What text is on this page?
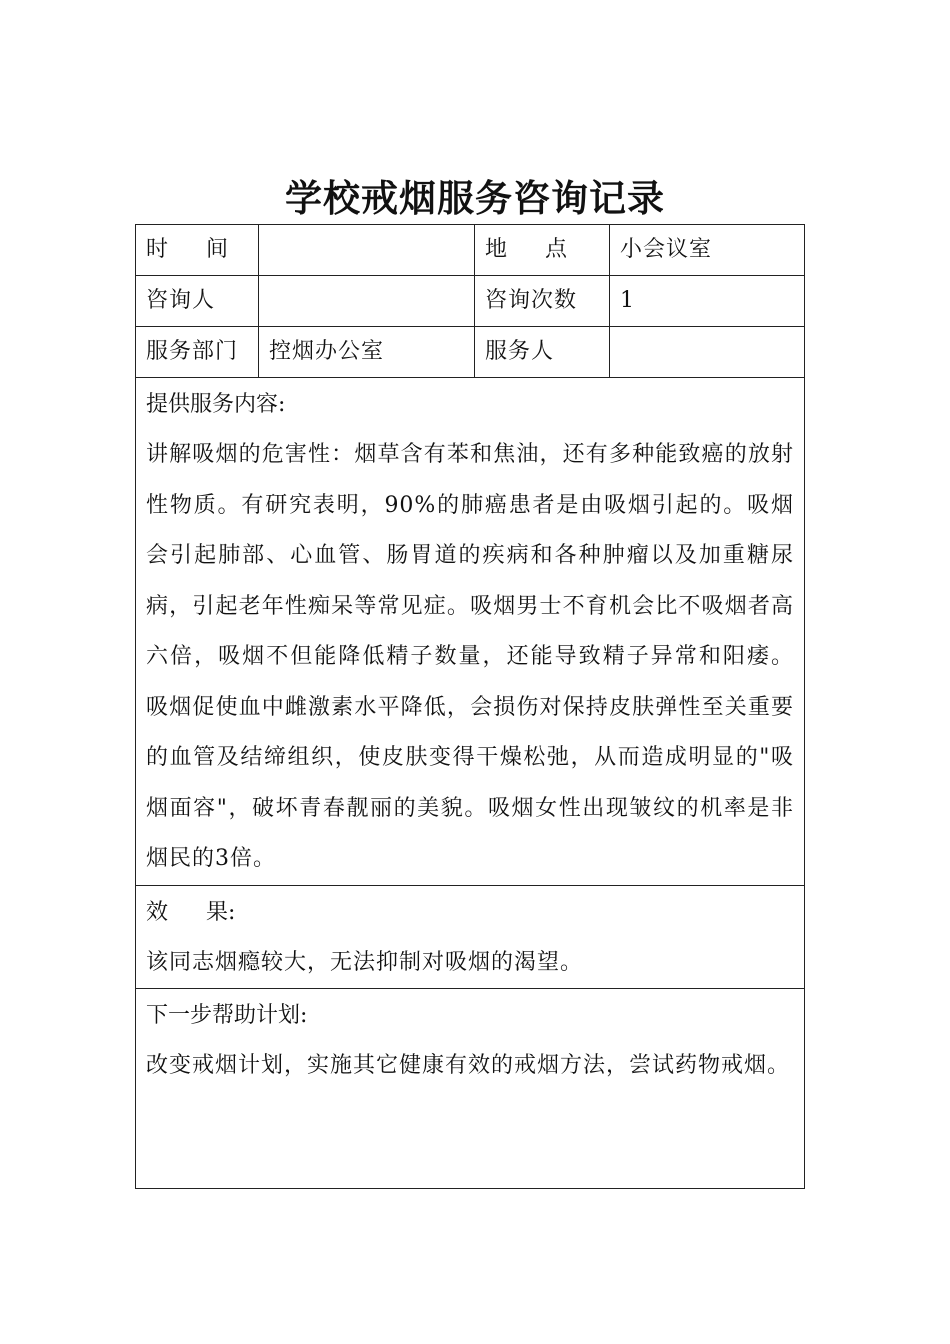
学校戒烟服务咨询记录
时 间		地 点	小会议室
咨询人		咨询次数	1
服务部门	控烟办公室	服务人	

提供服务内容:
讲解吸烟的危害性：烟草含有苯和焦油，还有多种能致癌的放射性物质。有研究表明，90%的肺癌患者是由吸烟引起的。吸烟会引起肺部、心血管、肠胃道的疾病和各种肿瘤以及加重糖尿病，引起老年性痴呆等常见症。吸烟男士不育机会比不吸烟者高六倍，吸烟不但能降低精子数量，还能导致精子异常和阳痿。 吸烟促使血中雌激素水平降低，会损伤对保持皮肤弹性至关重要的血管及结缔组织，使皮肤变得干燥松弛，从而造成明显的"吸烟面容"，破坏青春靓丽的美貌。吸烟女性出现皱纹的机率是非烟民的3倍。			

效 果:
该同志烟瘾较大，无法抑制对吸烟的渴望。			

下一步帮助计划:
改变戒烟计划，实施其它健康有效的戒烟方法，尝试药物戒烟。			
